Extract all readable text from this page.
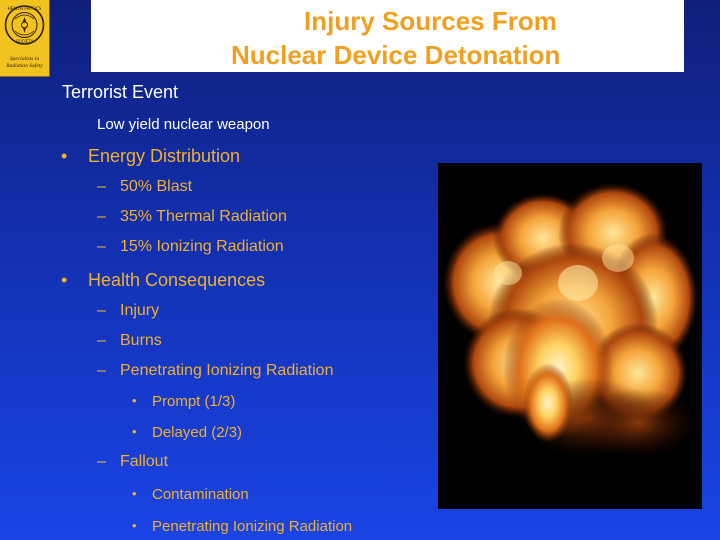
HEALTH PHYSICS
SOCIETY
Specialists in
Radiation Safety
Injury Sources From
Nuclear Device Detonation
Terrorist Event
Low yield nuclear weapon
• Energy Distribution
– 50% Blast
– 35% Thermal Radiation
– 15% Ionizing Radiation
• Health Consequences
– Injury
– Burns
– Penetrating Ionizing Radiation
• Prompt (1/3)
• Delayed (2/3)
– Fallout
• Contamination
• Penetrating Ionizing Radiation
